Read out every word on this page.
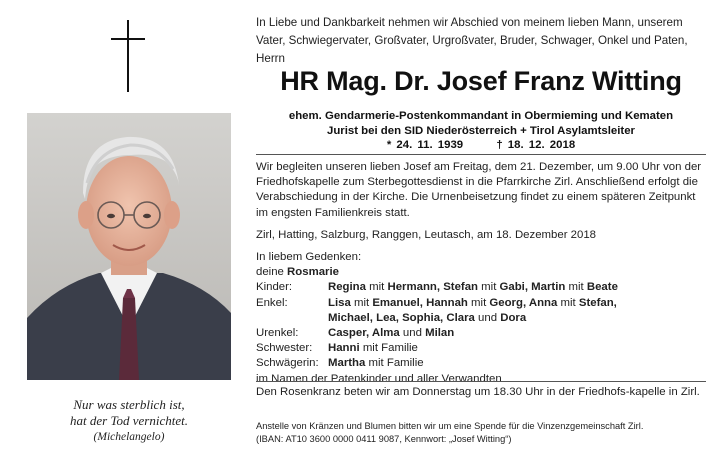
Nur was sterblich ist,
hat der Tod vernichtet.
(Michelangelo)
In Liebe und Dankbarkeit nehmen wir Abschied von meinem lieben Mann, unserem Vater, Schwiegervater, Großvater, Urgroßvater, Bruder, Schwager, Onkel und Paten, Herrn
HR Mag. Dr. Josef Franz Witting
ehem. Gendarmerie-Postenkommandant in Obermieming und Kematen
Jurist bei den SID Niederösterreich + Tirol Asylamtsleiter
* 24. 11. 1939	† 18. 12. 2018
Wir begleiten unseren lieben Josef am Freitag, dem 21. Dezember, um 9.00 Uhr von der Friedhofskapelle zum Sterbegottesdienst in die Pfarrkirche Zirl. Anschließend erfolgt die Verabschiedung in der Kirche. Die Urnenbeisetzung findet zu einem späteren Zeitpunkt im engsten Familienkreis statt.
Zirl, Hatting, Salzburg, Ranggen, Leutasch, am 18. Dezember 2018
In liebem Gedenken:
deine Rosmarie
Kinder:	Regina mit Hermann, Stefan mit Gabi, Martin mit Beate
Enkel:	Lisa mit Emanuel, Hannah mit Georg, Anna mit Stefan,
Michael, Lea, Sophia, Clara und Dora
Urenkel:	Casper, Alma und Milan
Schwester:	Hanni mit Familie
Schwägerin: Martha mit Familie
im Namen der Patenkinder und aller Verwandten
Den Rosenkranz beten wir am Donnerstag um 18.30 Uhr in der Friedhofs-kapelle in Zirl.
Anstelle von Kränzen und Blumen bitten wir um eine Spende für die Vinzenzgemeinschaft Zirl.
(IBAN: AT10 3600 0000 0411 9087, Kennwort: „Josef Witting“)
